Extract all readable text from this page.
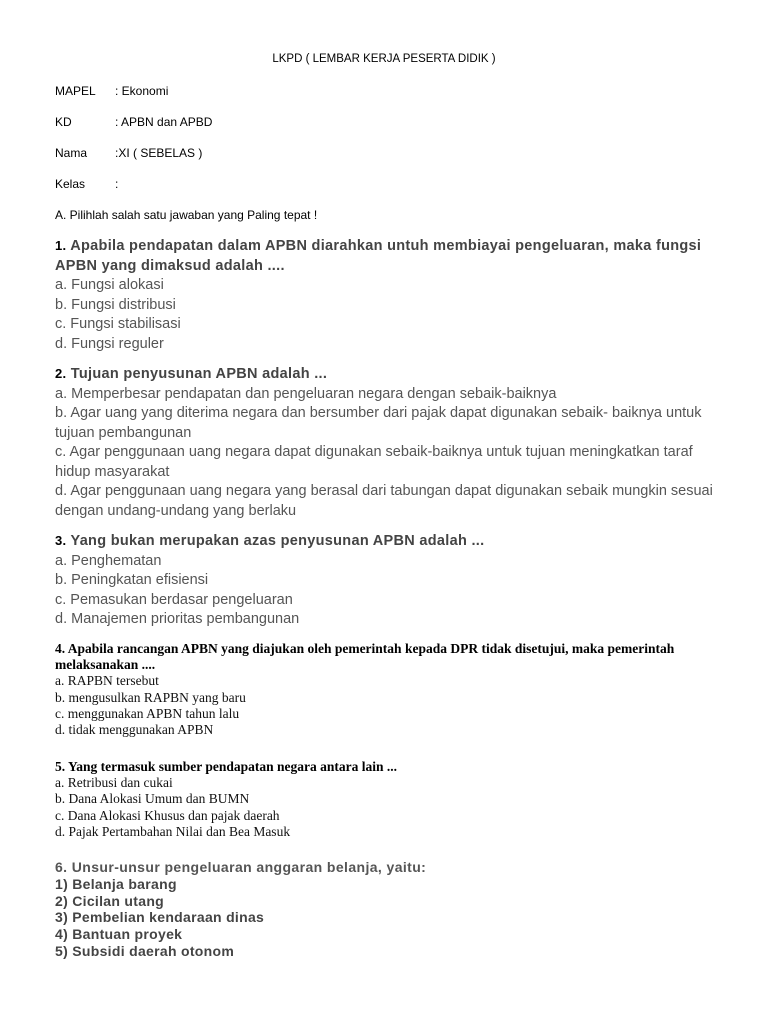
LKPD ( LEMBAR KERJA PESERTA DIDIK )
MAPEL : Ekonomi
KD	: APBN dan APBD
Nama :XI ( SEBELAS )
Kelas :
A. Pilihlah salah satu jawaban yang Paling tepat !
1. Apabila pendapatan dalam APBN diarahkan untuh membiayai pengeluaran, maka fungsi APBN yang dimaksud adalah ....
a. Fungsi alokasi
b. Fungsi distribusi
c. Fungsi stabilisasi
d. Fungsi reguler
2. Tujuan penyusunan APBN adalah ...
a. Memperbesar pendapatan dan pengeluaran negara dengan sebaik-baiknya
b. Agar uang yang diterima negara dan bersumber dari pajak dapat digunakan sebaik- baiknya untuk tujuan pembangunan
c. Agar penggunaan uang negara dapat digunakan sebaik-baiknya untuk tujuan meningkatkan taraf hidup masyarakat
d. Agar penggunaan uang negara yang berasal dari tabungan dapat digunakan sebaik mungkin sesuai dengan undang-undang yang berlaku
3. Yang bukan merupakan azas penyusunan APBN adalah ...
a. Penghematan
b. Peningkatan efisiensi
c. Pemasukan berdasar pengeluaran
d. Manajemen prioritas pembangunan
4. Apabila rancangan APBN yang diajukan oleh pemerintah kepada DPR tidak disetujui, maka pemerintah melaksanakan ....
a. RAPBN tersebut
b. mengusulkan RAPBN yang baru
c. menggunakan APBN tahun lalu
d. tidak menggunakan APBN
5. Yang termasuk sumber pendapatan negara antara lain ...
a. Retribusi dan cukai
b. Dana Alokasi Umum dan BUMN
c. Dana Alokasi Khusus dan pajak daerah
d. Pajak Pertambahan Nilai dan Bea Masuk
6. Unsur-unsur pengeluaran anggaran belanja, yaitu:
1) Belanja barang
2) Cicilan utang
3) Pembelian kendaraan dinas
4) Bantuan proyek
5) Subsidi daerah otonom
